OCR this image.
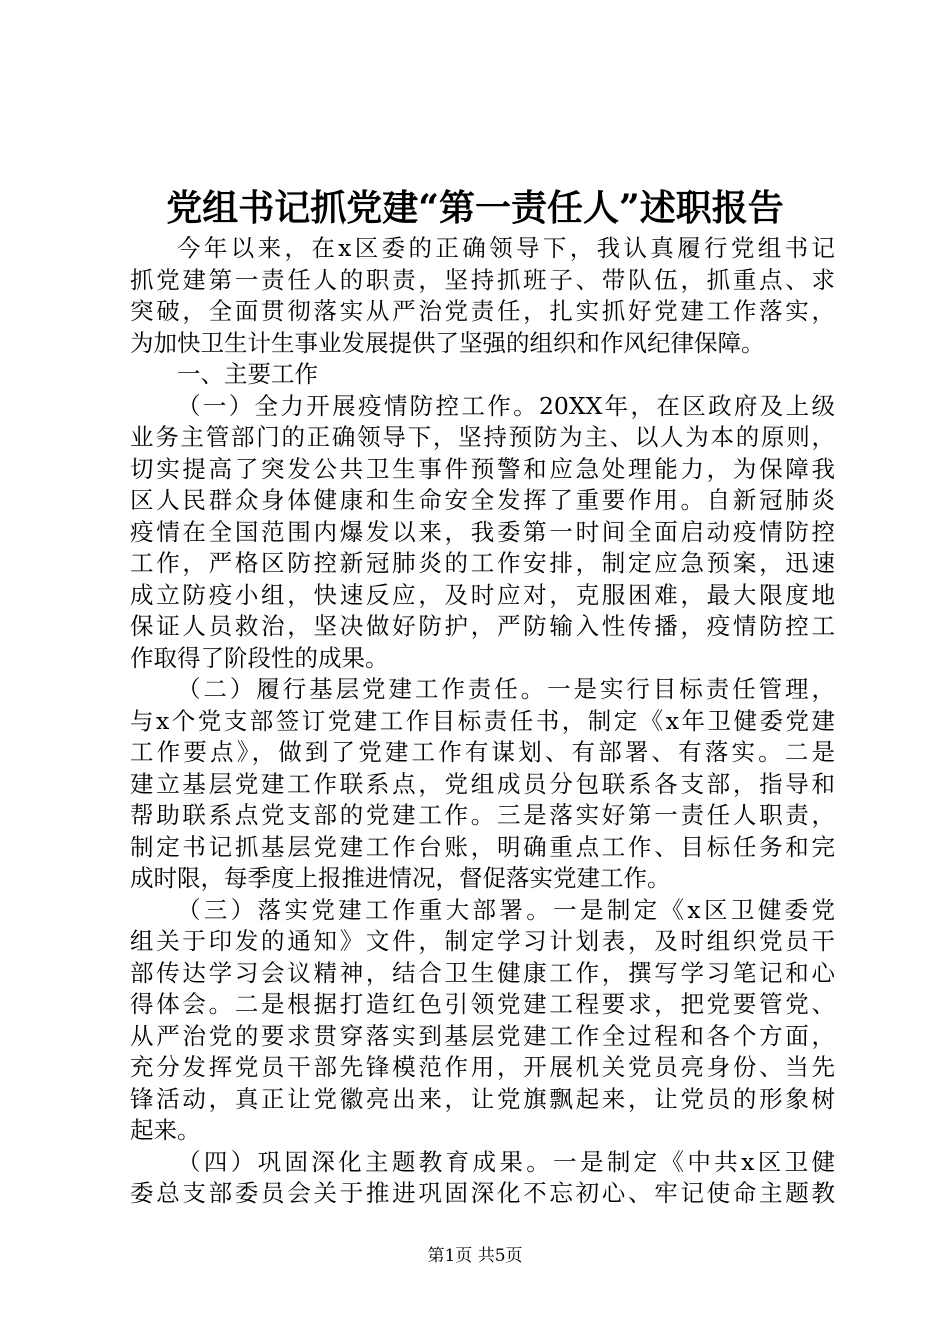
党组书记抓党建“第一责任人”述职报告
今年以来，在x区委的正确领导下，我认真履行党组书记
抓党建第一责任人的职责，坚持抓班子、带队伍，抓重点、求
突破，全面贯彻落实从严治党责任，扎实抓好党建工作落实，
为加快卫生计生事业发展提供了坚强的组织和作风纪律保障。
一、主要工作
（一）全力开展疫情防控工作。20XX年，在区政府及上级
业务主管部门的正确领导下，坚持预防为主、以人为本的原则，
切实提高了突发公共卫生事件预警和应急处理能力，为保障我
区人民群众身体健康和生命安全发挥了重要作用。自新冠肺炎
疫情在全国范围内爆发以来，我委第一时间全面启动疫情防控
工作，严格区防控新冠肺炎的工作安排，制定应急预案，迅速
成立防疫小组，快速反应，及时应对，克服困难，最大限度地
保证人员救治，坚决做好防护，严防输入性传播，疫情防控工
作取得了阶段性的成果。
（二）履行基层党建工作责任。一是实行目标责任管理，
与x个党支部签订党建工作目标责任书，制定《x年卫健委党建
工作要点》，做到了党建工作有谋划、有部署、有落实。二是
建立基层党建工作联系点，党组成员分包联系各支部，指导和
帮助联系点党支部的党建工作。三是落实好第一责任人职责，
制定书记抓基层党建工作台账，明确重点工作、目标任务和完
成时限，每季度上报推进情况，督促落实党建工作。
（三）落实党建工作重大部署。一是制定《x区卫健委党
组关于印发的通知》文件，制定学习计划表，及时组织党员干
部传达学习会议精神，结合卫生健康工作，撰写学习笔记和心
得体会。二是根据打造红色引领党建工程要求，把党要管党、
从严治党的要求贯穿落实到基层党建工作全过程和各个方面，
充分发挥党员干部先锋模范作用，开展机关党员亮身份、当先
锋活动，真正让党徽亮出来，让党旗飘起来，让党员的形象树
起来。
（四）巩固深化主题教育成果。一是制定《中共x区卫健
委总支部委员会关于推进巩固深化不忘初心、牢记使命主题教
第1页 共5页
